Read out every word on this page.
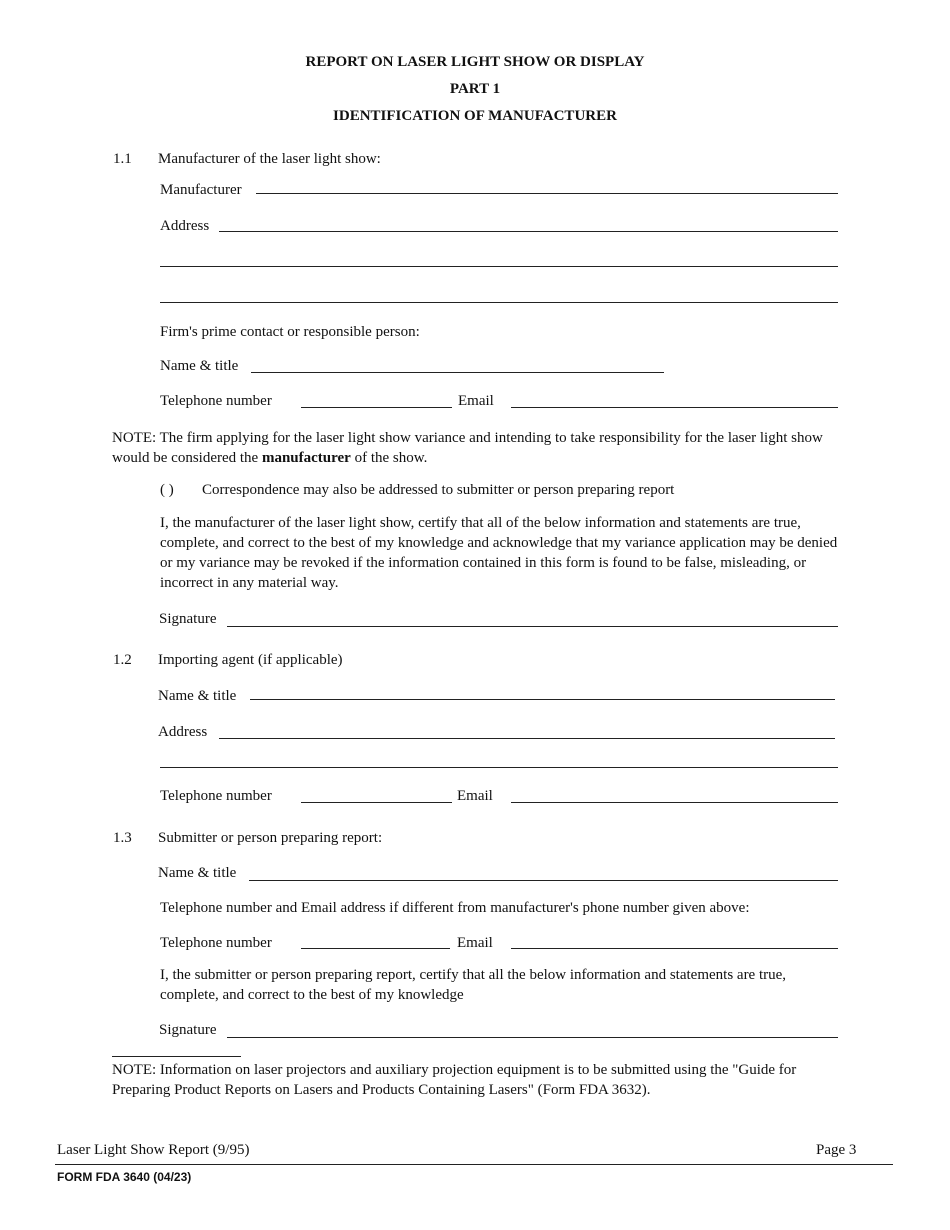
REPORT ON LASER LIGHT SHOW OR DISPLAY
PART 1
IDENTIFICATION OF MANUFACTURER
1.1 Manufacturer of the laser light show:
Manufacturer
Address
Firm's prime contact or responsible person:
Name & title
Telephone number	Email
NOTE: The firm applying for the laser light show variance and intending to take responsibility for the laser light show would be considered the manufacturer of the show.
( ) Correspondence may also be addressed to submitter or person preparing report
I, the manufacturer of the laser light show, certify that all of the below information and statements are true, complete, and correct to the best of my knowledge and acknowledge that my variance application may be denied or my variance may be revoked if the information contained in this form is found to be false, misleading, or incorrect in any material way.
Signature
1.2 Importing agent (if applicable)
Name & title
Address
Telephone number	Email
1.3 Submitter or person preparing report:
Name & title
Telephone number and Email address if different from manufacturer's phone number given above:
Telephone number	Email
I, the submitter or person preparing report, certify that all the below information and statements are true, complete, and correct to the best of my knowledge
Signature
NOTE: Information on laser projectors and auxiliary projection equipment is to be submitted using the "Guide for Preparing Product Reports on Lasers and Products Containing Lasers" (Form FDA 3632).
Laser Light Show Report (9/95)	Page 3
FORM FDA 3640 (04/23)
